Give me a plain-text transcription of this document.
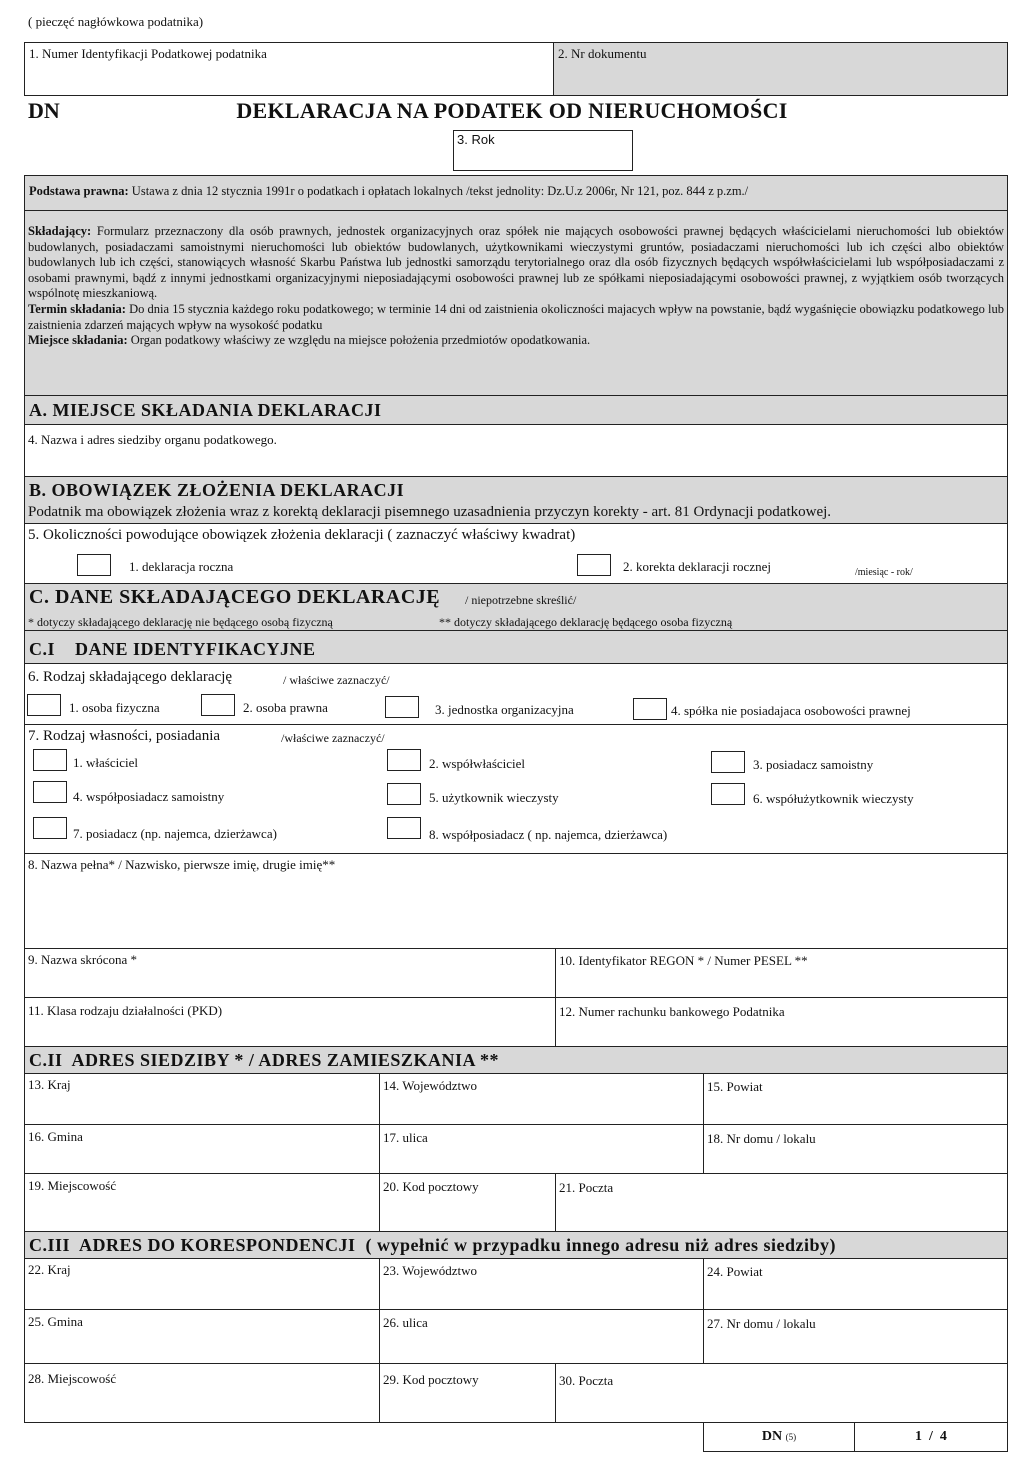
( pieczęć nagłówkowa podatnika)
1. Numer Identyfikacji Podatkowej podatnika	2. Nr dokumentu
DN	DEKLARACJA NA PODATEK OD NIERUCHOMOŚCI
3. Rok
Podstawa prawna: Ustawa z dnia 12 stycznia 1991r o podatkach i opłatach lokalnych /tekst jednolity: Dz.U.z 2006r, Nr 121, poz. 844 z p.zm./
Składający: Formularz przeznaczony dla osób prawnych, jednostek organizacyjnych oraz spółek nie mających osobowości prawnej będących właścicielami nieruchomości lub obiektów budowlanych, posiadaczami samoistnymi nieruchomości lub obiektów budowlanych, użytkownikami wieczystymi gruntów, posiadaczami nieruchomości lub ich części albo obiektów budowlanych lub ich części, stanowiących własność Skarbu Państwa lub jednostki samorządu terytorialnego oraz dla osób fizycznych będących współwłaścicielami lub współposiadaczami z osobami prawnymi, bądź z innymi jednostkami organizacyjnymi nieposiadającymi osobowości prawnej lub ze spółkami nieposiadającymi osobowości prawnej, z wyjątkiem osób tworzących wspólnotę mieszkaniową.
Termin składania: Do dnia 15 stycznia każdego roku podatkowego; w terminie 14 dni od zaistnienia okoliczności majacych wpływ na powstanie, bądź wygaśnięcie obowiązku podatkowego lub zaistnienia zdarzeń mających wpływ na wysokość podatku
Miejsce składania: Organ podatkowy właściwy ze względu na miejsce położenia przedmiotów opodatkowania.
A. MIEJSCE SKŁADANIA DEKLARACJI
4. Nazwa i adres siedziby organu podatkowego.
B. OBOWIĄZEK ZŁOŻENIA DEKLARACJI
Podatnik ma obowiązek złożenia wraz z korektą deklaracji pisemnego uzasadnienia przyczyn korekty - art. 81 Ordynacji podatkowej.
5. Okoliczności powodujące obowiązek złożenia deklaracji ( zaznaczyć właściwy kwadrat)
1. deklaracja roczna	2. korekta deklaracji rocznej	/miesiąc - rok/
C. DANE SKŁADAJĄCEGO DEKLARACJĘ / niepotrzebne skreślić/
* dotyczy składającego deklarację nie będącego osobą fizyczną	** dotyczy składającego deklarację będącego osoba fizyczną
C.I    DANE IDENTYFIKACYJNE
6. Rodzaj składającego deklarację	/ właściwe zaznaczyć/
1. osoba fizyczna	2. osoba prawna	3. jednostka organizacyjna	4. spółka nie posiadajaca osobowości prawnej
7. Rodzaj własności, posiadania	/właściwe zaznaczyć/
1. właściciel	2. współwłaściciel	3. posiadacz samoistny
4. współposiadacz samoistny	5. użytkownik wieczysty	6. współużytkownik wieczysty
7. posiadacz (np. najemca, dzierżawca)	8. współposiadacz ( np. najemca, dzierżawca)
8. Nazwa pełna* / Nazwisko, pierwsze imię, drugie imię**
9. Nazwa skrócona *	10. Identyfikator REGON * / Numer PESEL **
11. Klasa rodzaju działalności (PKD)	12. Numer rachunku bankowego Podatnika
C.II  ADRES SIEDZIBY * / ADRES ZAMIESZKANIA **
13. Kraj	14. Województwo	15. Powiat
16. Gmina	17. ulica	18. Nr domu / lokalu
19. Miejscowość	20. Kod pocztowy	21. Poczta
C.III  ADRES DO KORESPONDENCJI  ( wypełnić w przypadku innego adresu niż adres siedziby)
22. Kraj	23. Województwo	24. Powiat
25. Gmina	26. ulica	27. Nr domu / lokalu
28. Miejscowość	29. Kod pocztowy	30. Poczta
DN (5)	1  /  4
